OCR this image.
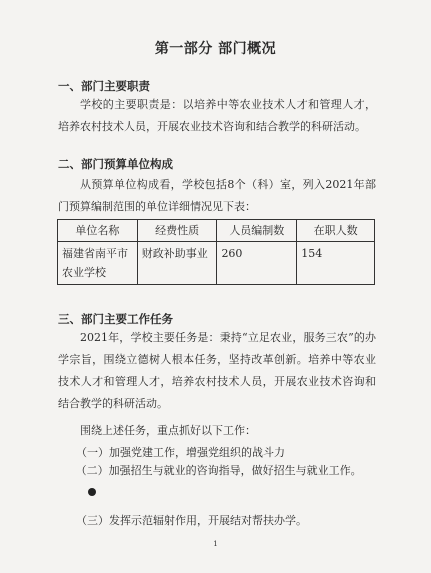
第一部分 部门概况
一、部门主要职责
学校的主要职责是：以培养中等农业技术人才和管理人才，培养农村技术人员，开展农业技术咨询和结合教学的科研活动。
二、部门预算单位构成
从预算单位构成看，学校包括8个（科）室，列入2021年部门预算编制范围的单位详细情况见下表：
单位名称	经费性质	人员编制数	在职人数
福建省南平市农业学校	财政补助事业	260	154
三、部门主要工作任务
2021年，学校主要任务是：秉持“立足农业，服务三农”的办学宗旨，围绕立德树人根本任务，坚持改革创新。培养中等农业技术人才和管理人才，培养农村技术人员，开展农业技术咨询和结合教学的科研活动。
围绕上述任务，重点抓好以下工作：
（一）加强党建工作，增强党组织的战斗力
（二）加强招生与就业的咨询指导，做好招生与就业工作。
（三）发挥示范辐射作用，开展结对帮扶办学。
1
